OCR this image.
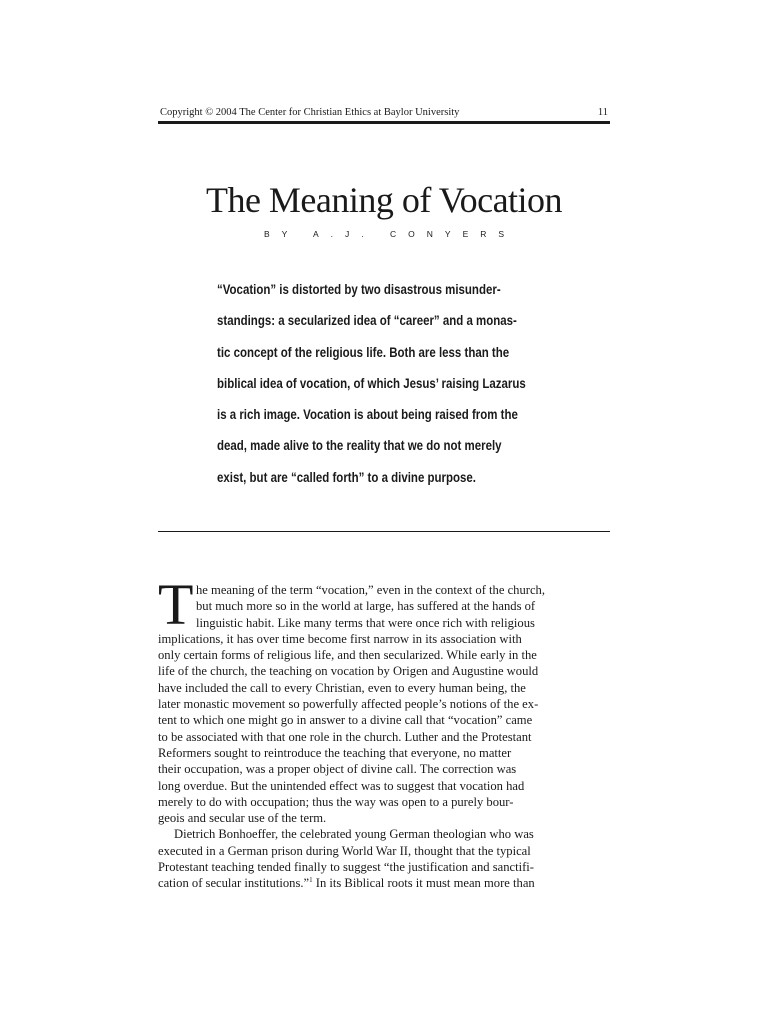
Copyright © 2004 The Center for Christian Ethics at Baylor University	11
The Meaning of Vocation
BY A.J. CONYERS
“Vocation” is distorted by two disastrous misunder-
standings: a secularized idea of “career” and a monas-
tic concept of the religious life. Both are less than the
biblical idea of vocation, of which Jesus’ raising Lazarus
is a rich image. Vocation is about being raised from the
dead, made alive to the reality that we do not merely
exist, but are “called forth” to a divine purpose.
T he meaning of the term “vocation,” even in the context of the church,
but much more so in the world at large, has suffered at the hands of
linguistic habit. Like many terms that were once rich with religious
implications, it has over time become first narrow in its association with
only certain forms of religious life, and then secularized. While early in the
life of the church, the teaching on vocation by Origen and Augustine would
have included the call to every Christian, even to every human being, the
later monastic movement so powerfully affected people’s notions of the ex-
tent to which one might go in answer to a divine call that “vocation” came
to be associated with that one role in the church. Luther and the Protestant
Reformers sought to reintroduce the teaching that everyone, no matter
their occupation, was a proper object of divine call. The correction was
long overdue. But the unintended effect was to suggest that vocation had
merely to do with occupation; thus the way was open to a purely bour-
geois and secular use of the term.
Dietrich Bonhoeffer, the celebrated young German theologian who was
executed in a German prison during World War II, thought that the typical
Protestant teaching tended finally to suggest “the justification and sanctifi-
cation of secular institutions.”$^1$ In its Biblical roots it must mean more than
